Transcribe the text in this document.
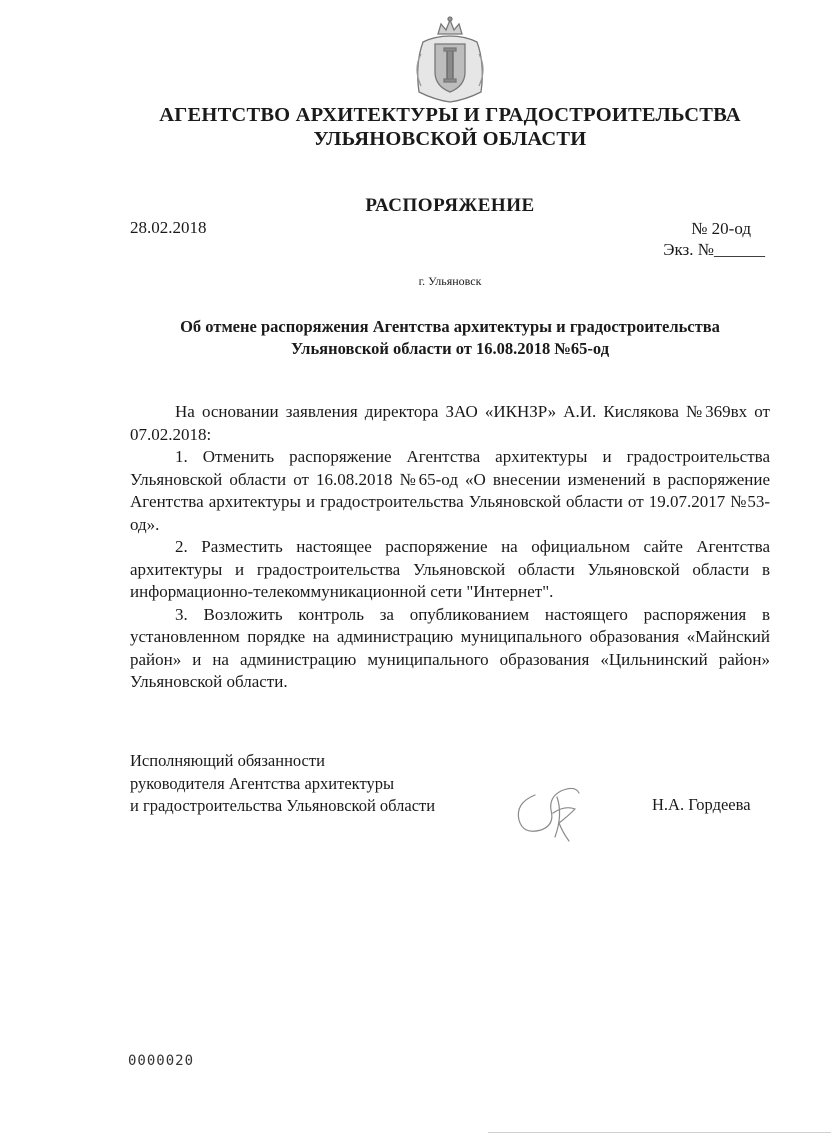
АГЕНТСТВО АРХИТЕКТУРЫ И ГРАДОСТРОИТЕЛЬСТВА
УЛЬЯНОВСКОЙ ОБЛАСТИ
РАСПОРЯЖЕНИЕ
28.02.2018	№ 20-од
Экз. №______
г. Ульяновск
Об отмене распоряжения Агентства архитектуры и градостроительства
Ульяновской области от 16.08.2018 №65-од

На основании заявления директора ЗАО «ИКНЗР» А.И. Кислякова №369вх от 07.02.2018:

1. Отменить распоряжение Агентства архитектуры и градостроительства Ульяновской области от 16.08.2018 №65-од «О внесении изменений в распоряжение Агентства архитектуры и градостроительства Ульяновской области от 19.07.2017 №53-од».

2. Разместить настоящее распоряжение на официальном сайте Агентства архитектуры и градостроительства Ульяновской области Ульяновской области в информационно-телекоммуникационной сети "Интернет".

3. Возложить контроль за опубликованием настоящего распоряжения в установленном порядке на администрацию муниципального образования «Майнский район» и на администрацию муниципального образования «Цильнинский район» Ульяновской области.

Исполняющий обязанности
руководителя Агентства архитектуры
и градостроительства Ульяновской области	Н.А. Гордеева
0000020
